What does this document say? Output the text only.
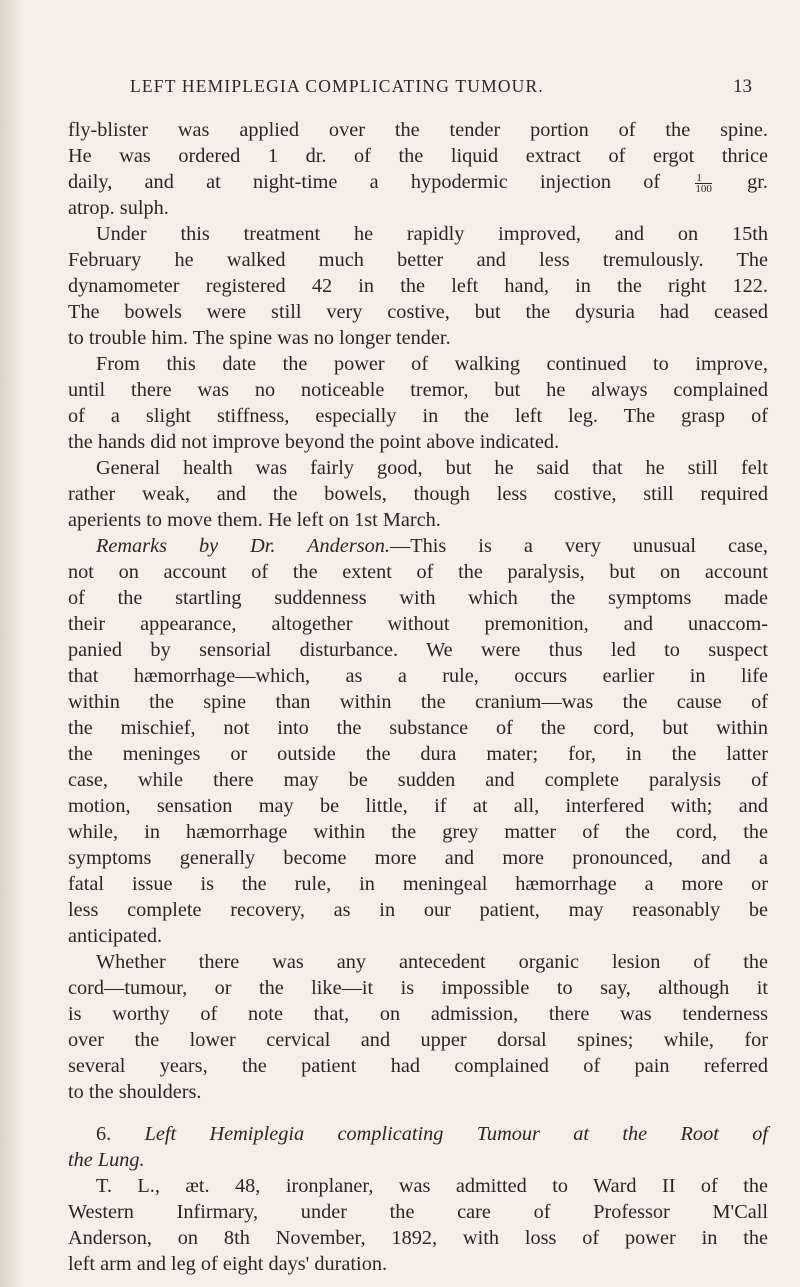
LEFT HEMIPLEGIA COMPLICATING TUMOUR.	13
fly-blister was applied over the tender portion of the spine.
He was ordered 1 dr. of the liquid extract of ergot thrice
daily, and at night-time a hypodermic injection of	$\frac{1}{100}$ gr.
atrop. sulph.
Under this treatment he rapidly improved, and on 15th
February he walked much better and less tremulously. The
dynamometer registered 42 in the left hand, in the right 122.
The bowels were still very costive, but the dysuria had ceased
to trouble him. The spine was no longer tender.
From this date the power of walking continued to improve,
until there was no noticeable tremor, but he always complained
of a slight stiffness, especially in the left leg. The grasp of
the hands did not improve beyond the point above indicated.
General health was fairly good, but he said that he still felt
rather weak, and the bowels, though less costive, still required
aperients to move them. He left on 1st March.
Remarks by Dr. Anderson.—This is a very unusual case,
not on account of the extent of the paralysis, but on account
of the startling suddenness with which the symptoms made
their appearance, altogether without premonition, and unaccom-
panied by sensorial disturbance. We were thus led to suspect
that hæmorrhage—which, as a rule, occurs earlier in life
within the spine than within the cranium—was the cause of
the mischief, not into the substance of the cord, but within
the meninges or outside the dura mater; for, in the latter
case, while there may be sudden and complete paralysis of
motion, sensation may be little, if at all, interfered with; and
while, in hæmorrhage within the grey matter of the cord, the
symptoms generally become more and more pronounced, and a
fatal issue is the rule, in meningeal hæmorrhage a more or
less complete recovery, as in our patient, may reasonably be
anticipated.
Whether there was any antecedent organic lesion of the
cord—tumour, or the like—it is impossible to say, although it
is worthy of note that, on admission, there was tenderness
over the lower cervical and upper dorsal spines; while, for
several years, the patient had complained of pain referred
to the shoulders.
6. Left Hemiplegia complicating Tumour at the Root of
the Lung.
T. L., æt. 48, ironplaner, was admitted to Ward II of the
Western Infirmary, under the care of Professor M'Call
Anderson, on 8th November, 1892, with loss of power in the
left arm and leg of eight days' duration.
